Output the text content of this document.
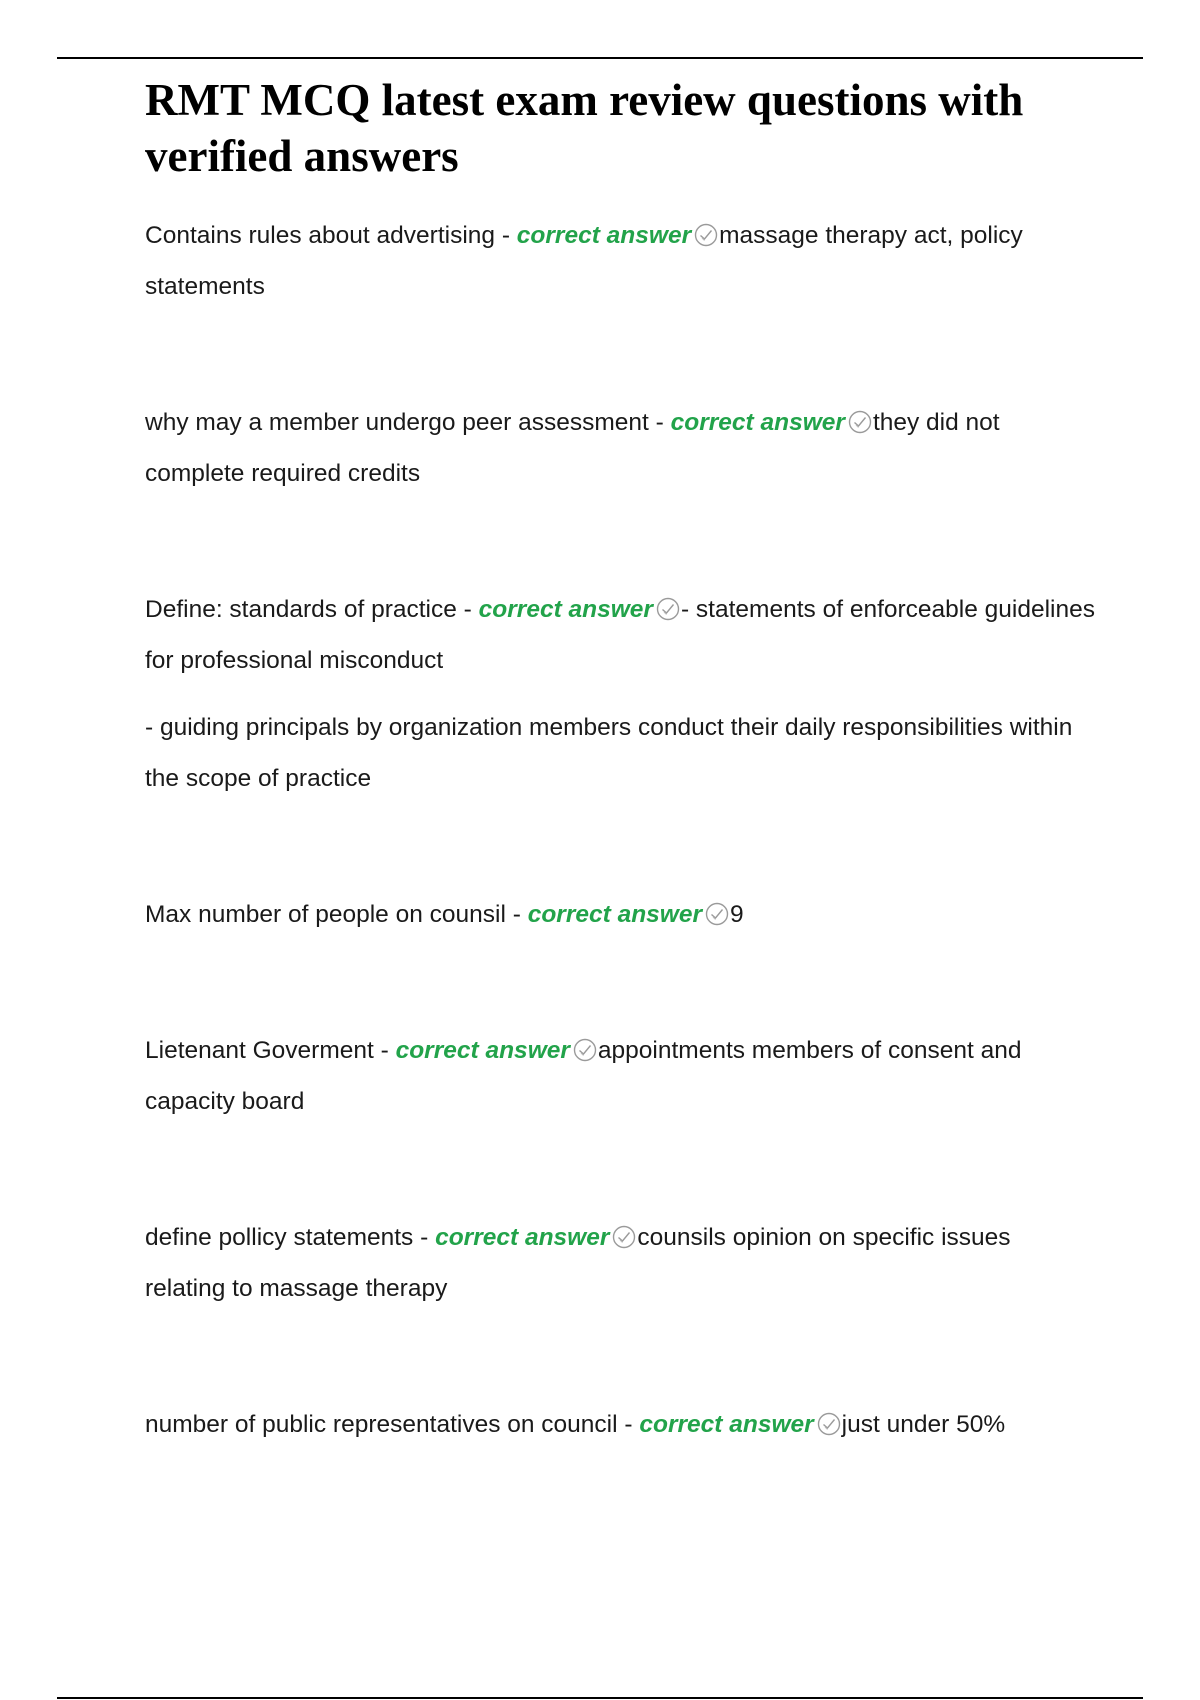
RMT MCQ latest exam review questions with verified answers

Contains rules about advertising - correct answer massage therapy act, policy statements

why may a member undergo peer assessment - correct answer they did not complete required credits

Define: standards of practice - correct answer - statements of enforceable guidelines for professional misconduct

- guiding principals by organization members conduct their daily responsibilities within the scope of practice

Max number of people on counsil - correct answer 9

Lietenant Goverment - correct answer appointments members of consent and capacity board

define pollicy statements - correct answer counsils opinion on specific issues relating to massage therapy

number of public representatives on council - correct answer just under 50%
